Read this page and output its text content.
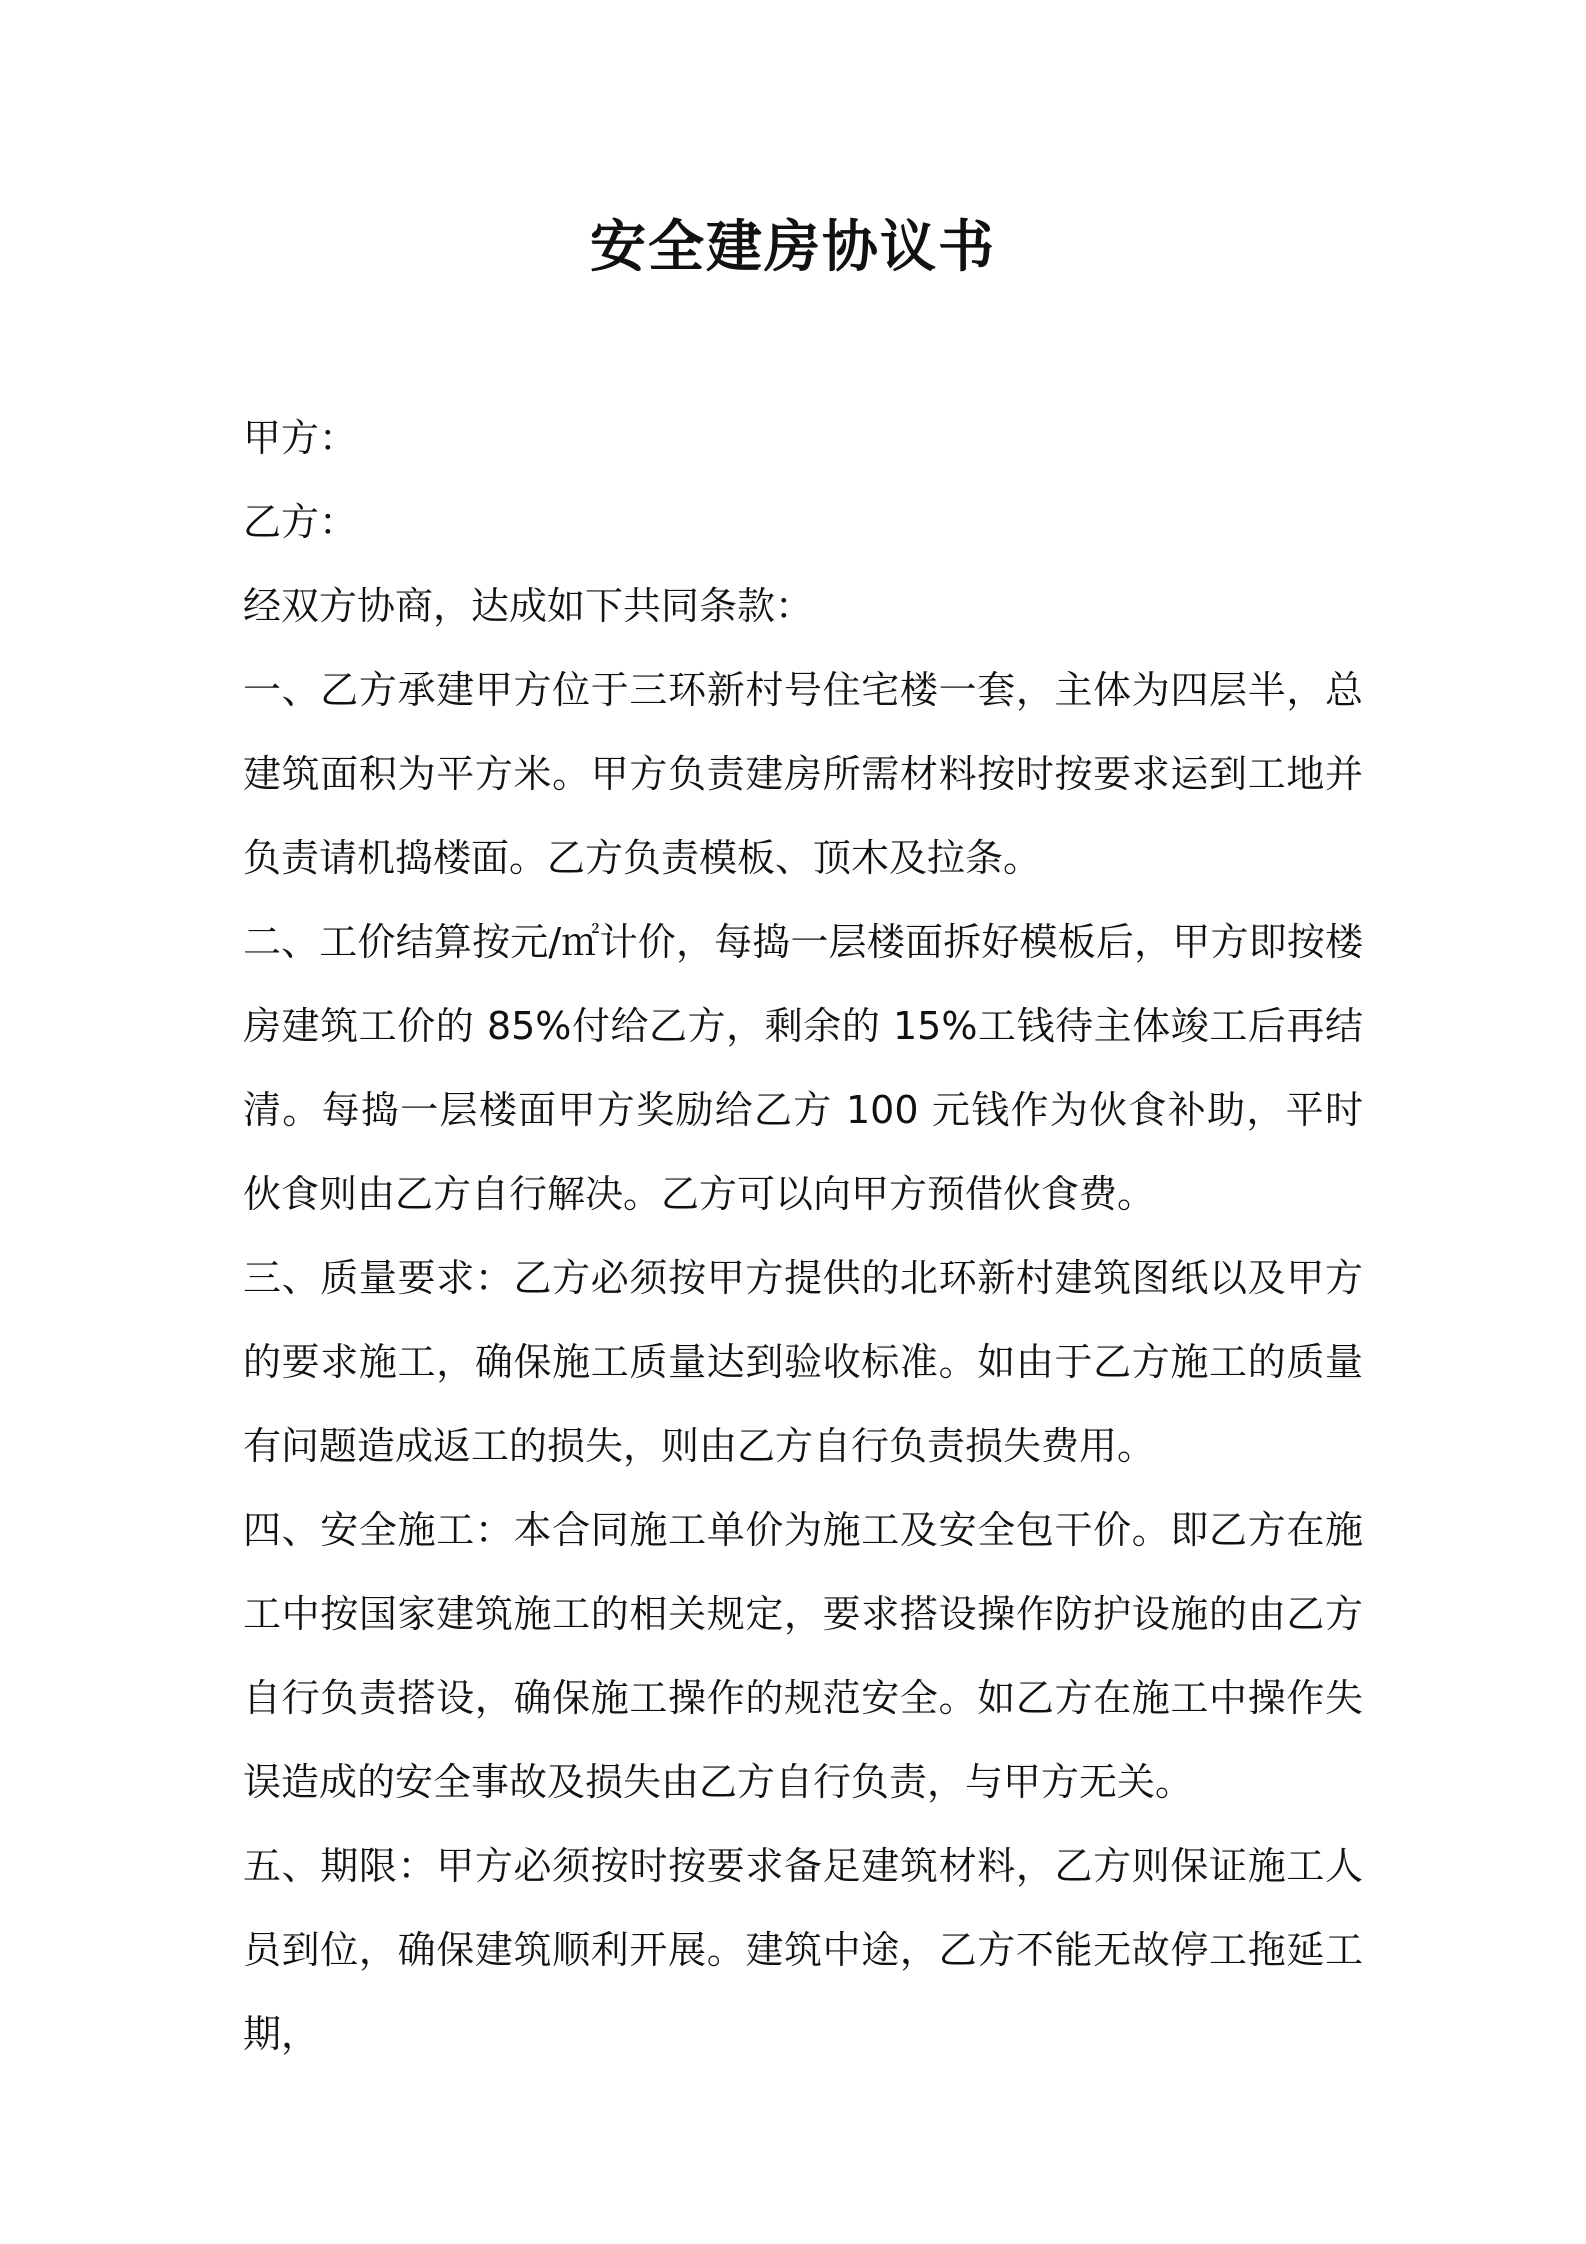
安全建房协议书

甲方：

乙方：

经双方协商，达成如下共同条款：

一、乙方承建甲方位于三环新村号住宅楼一套，主体为四层半，总建筑面积为平方米。甲方负责建房所需材料按时按要求运到工地并负责请机捣楼面。乙方负责模板、顶木及拉条。

二、工价结算按元/㎡计价，每捣一层楼面拆好模板后，甲方即按楼房建筑工价的 85%付给乙方，剩余的 15%工钱待主体竣工后再结清。每捣一层楼面甲方奖励给乙方 100 元钱作为伙食补助，平时伙食则由乙方自行解决。乙方可以向甲方预借伙食费。

三、质量要求：乙方必须按甲方提供的北环新村建筑图纸以及甲方的要求施工，确保施工质量达到验收标准。如由于乙方施工的质量有问题造成返工的损失，则由乙方自行负责损失费用。

四、安全施工：本合同施工单价为施工及安全包干价。即乙方在施工中按国家建筑施工的相关规定，要求搭设操作防护设施的由乙方自行负责搭设，确保施工操作的规范安全。如乙方在施工中操作失误造成的安全事故及损失由乙方自行负责，与甲方无关。

五、期限：甲方必须按时按要求备足建筑材料，乙方则保证施工人员到位，确保建筑顺利开展。建筑中途，乙方不能无故停工拖延工期，
